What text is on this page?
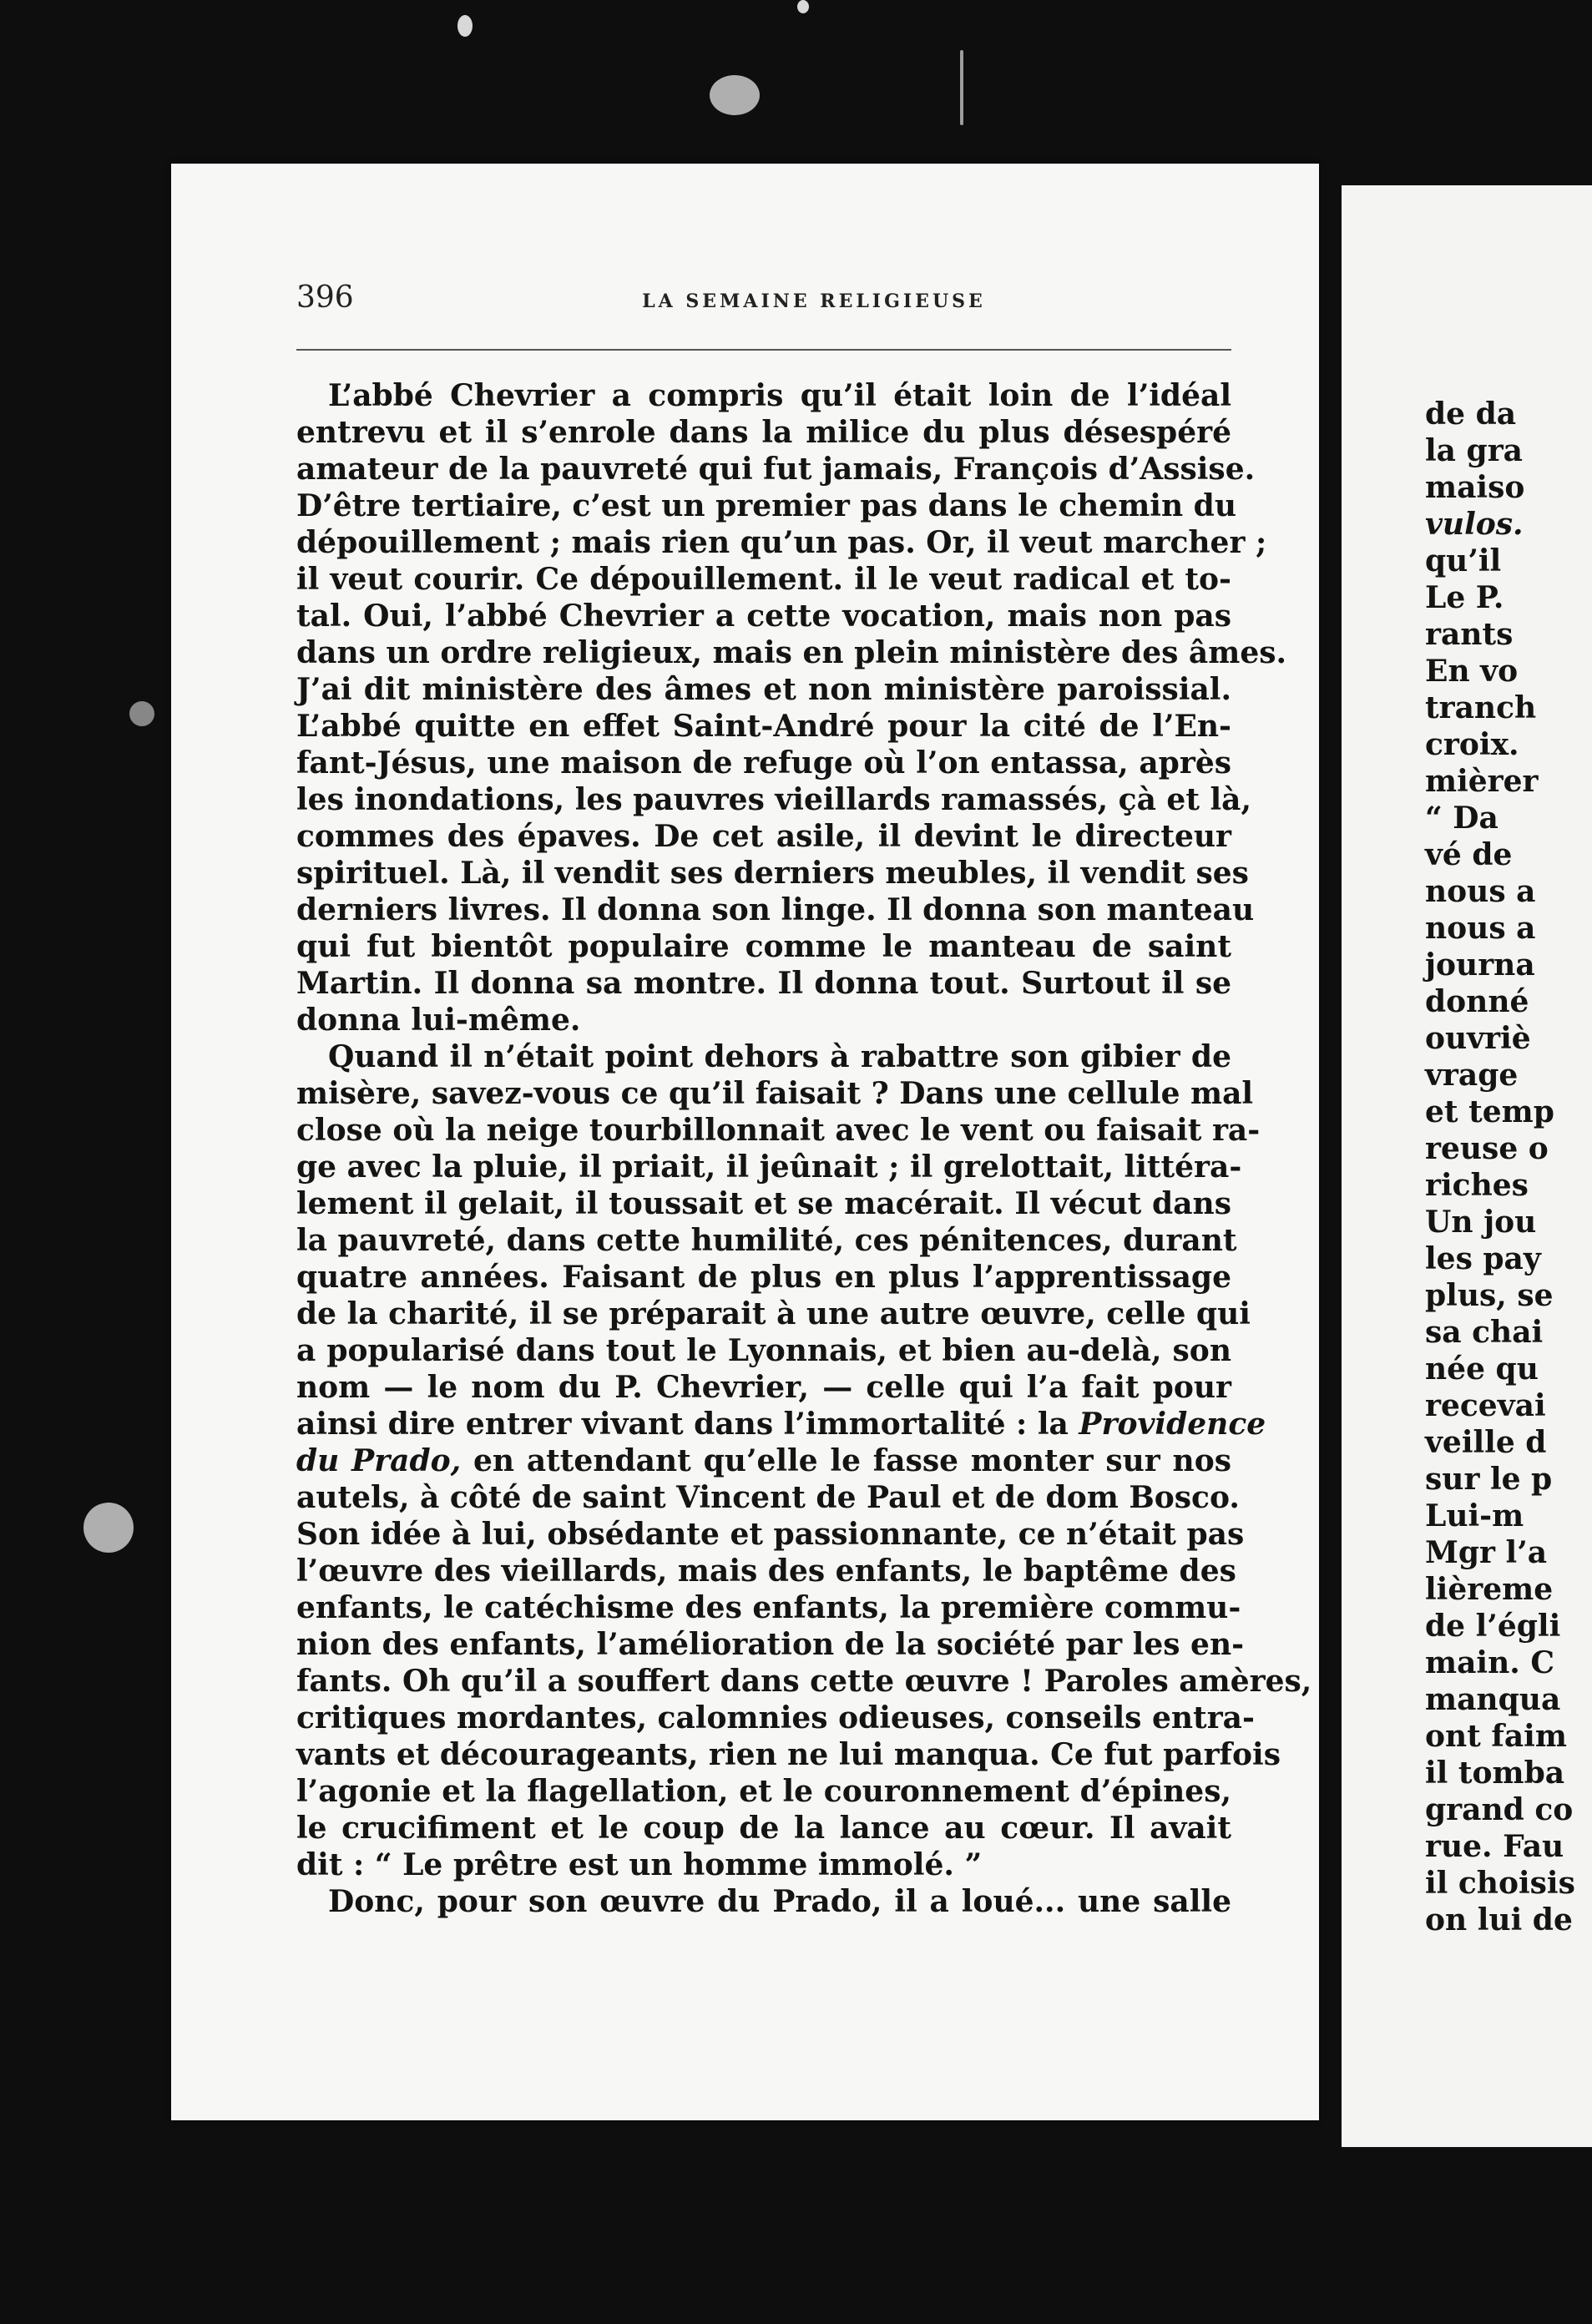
396	LA SEMAINE RELIGIEUSE
L’abbé Chevrier a compris qu’il était loin de l’idéal
entrevu et il s’enrole dans la milice du plus désespéré
amateur de la pauvreté qui fut jamais, François d’Assise.
D’être tertiaire, c’est un premier pas dans le chemin du
dépouillement ; mais rien qu’un pas. Or, il veut marcher ;
il veut courir. Ce dépouillement. il le veut radical et to-
tal. Oui, l’abbé Chevrier a cette vocation, mais non pas
dans un ordre religieux, mais en plein ministère des âmes.
J’ai dit ministère des âmes et non ministère paroissial.
L’abbé quitte en effet Saint-André pour la cité de l’En-
fant-Jésus, une maison de refuge où l’on entassa, après
les inondations, les pauvres vieillards ramassés, çà et là,
commes des épaves. De cet asile, il devint le directeur
spirituel. Là, il vendit ses derniers meubles, il vendit ses
derniers livres. Il donna son linge. Il donna son manteau
qui fut bientôt populaire comme le manteau de saint
Martin. Il donna sa montre. Il donna tout. Surtout il se
donna lui-même.
Quand il n’était point dehors à rabattre son gibier de
misère, savez-vous ce qu’il faisait ? Dans une cellule mal
close où la neige tourbillonnait avec le vent ou faisait ra-
ge avec la pluie, il priait, il jeûnait ; il grelottait, littéra-
lement il gelait, il toussait et se macérait. Il vécut dans
la pauvreté, dans cette humilité, ces pénitences, durant
quatre années. Faisant de plus en plus l’apprentissage
de la charité, il se préparait à une autre œuvre, celle qui
a popularisé dans tout le Lyonnais, et bien au-delà, son
nom — le nom du P. Chevrier, — celle qui l’a fait pour
ainsi dire entrer vivant dans l’immortalité : la Providence
du Prado, en attendant qu’elle le fasse monter sur nos
autels, à côté de saint Vincent de Paul et de dom Bosco.
Son idée à lui, obsédante et passionnante, ce n’était pas
l’œuvre des vieillards, mais des enfants, le baptême des
enfants, le catéchisme des enfants, la première commu-
nion des enfants, l’amélioration de la société par les en-
fants. Oh qu’il a souffert dans cette œuvre ! Paroles amères,
critiques mordantes, calomnies odieuses, conseils entra-
vants et décourageants, rien ne lui manqua. Ce fut parfois
l’agonie et la flagellation, et le couronnement d’épines,
le crucifiment et le coup de la lance au cœur. Il avait
dit : “ Le prêtre est un homme immolé. ”
Donc, pour son œuvre du Prado, il a loué... une salle
de da
la gra
maiso
vulos.
qu’il
Le P.
rants
En vo
tranch
croix.
mièrer
“ Da
vé de
nous a
nous a
journa
donné
ouvriè
vrage
et temp
reuse o
riches
Un jou
les pay
plus, se
sa chai
née qu
recevai
veille d
sur le p
Lui-m
Mgr l’a
lièreme
de l’égli
main. C
manqua
ont faim
il tomba
grand co
rue. Fau
il choisis
on lui de
